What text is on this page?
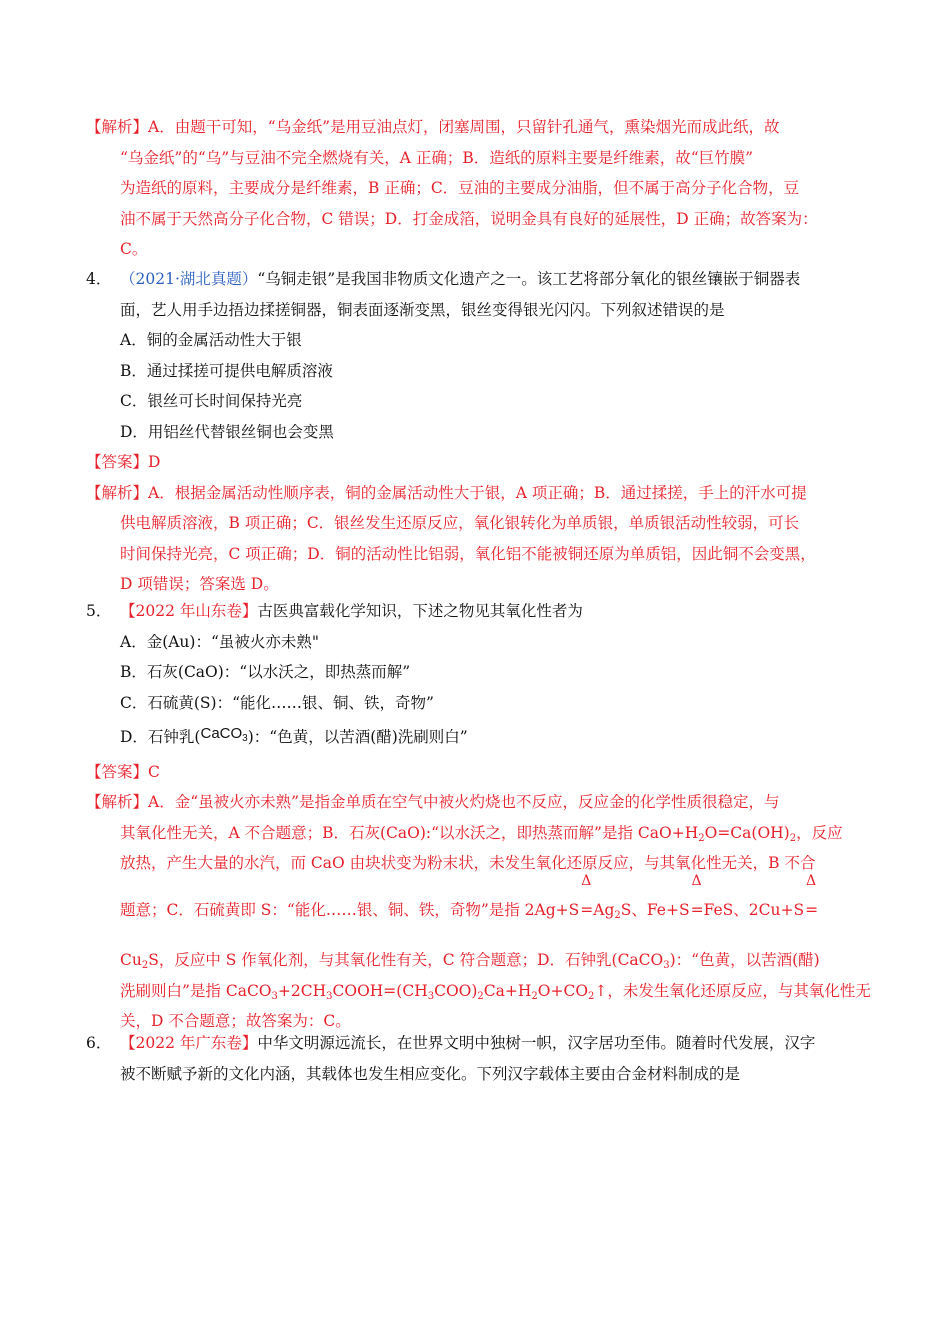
【解析】A．由题干可知，“乌金纸”是用豆油点灯，闭塞周围，只留针孔通气，熏染烟光而成此纸，故
“乌金纸”的“乌”与豆油不完全燃烧有关，A 正确；B．造纸的原料主要是纤维素，故“巨竹膜”
为造纸的原料，主要成分是纤维素，B 正确；C．豆油的主要成分油脂，但不属于高分子化合物，豆
油不属于天然高分子化合物，C 错误；D．打金成箔，说明金具有良好的延展性，D 正确；故答案为：
C。
4． （2021·湖北真题）“乌铜走银”是我国非物质文化遗产之一。该工艺将部分氧化的银丝镶嵌于铜器表
面，艺人用手边捂边揉搓铜器，铜表面逐渐变黑，银丝变得银光闪闪。下列叙述错误的是
A．铜的金属活动性大于银
B．通过揉搓可提供电解质溶液
C．银丝可长时间保持光亮
D．用铝丝代替银丝铜也会变黑
【答案】D
【解析】A．根据金属活动性顺序表，铜的金属活动性大于银，A 项正确；B．通过揉搓，手上的汗水可提
供电解质溶液，B 项正确；C．银丝发生还原反应，氧化银转化为单质银，单质银活动性较弱，可长
时间保持光亮，C 项正确；D．铜的活动性比铝弱，氧化铝不能被铜还原为单质铝，因此铜不会变黑，
D 项错误；答案选 D。
5． 【2022 年山东卷】古医典富载化学知识，下述之物见其氧化性者为
A．金(Au)：“虽被火亦未熟"
B．石灰(CaO)：“以水沃之，即热蒸而解”
C．石硫黄(S)：“能化……银、铜、铁，奇物”
D．石钟乳(CaCO$_3$)：“色黄，以苦酒(醋)洗刷则白”
【答案】C
【解析】A．金“虽被火亦未熟”是指金单质在空气中被火灼烧也不反应，反应金的化学性质很稳定，与
其氧化性无关，A 不合题意；B．石灰(CaO):“以水沃之，即热蒸而解”是指 $CaO+H_2O=Ca(OH)_2$，反应
放热，产生大量的水汽，而 CaO 由块状变为粉末状，未发生氧化还原反应，与其氧化性无关，B 不合
题意；C．石硫黄即 S：“能化……银、铜、铁，奇物”是指 2Ag+S
Δ
$=Ag_2S$、Fe+S
Δ
=FeS、2Cu+S
Δ
=
$Cu_2S$，反应中 S 作氧化剂，与其氧化性有关，C 符合题意；D．石钟乳(CaCO$_3$)：“色黄，以苦酒(醋)
洗刷则白”是指 $CaCO_3+2CH_3COOH=(CH_3COO)_2Ca+H_2O+CO_2↑$，未发生氧化还原反应，与其氧化性无
关，D 不合题意；故答案为：C。
6． 【2022 年广东卷】中华文明源远流长，在世界文明中独树一帜，汉字居功至伟。随着时代发展，汉字
被不断赋予新的文化内涵，其载体也发生相应变化。下列汉字载体主要由合金材料制成的是
